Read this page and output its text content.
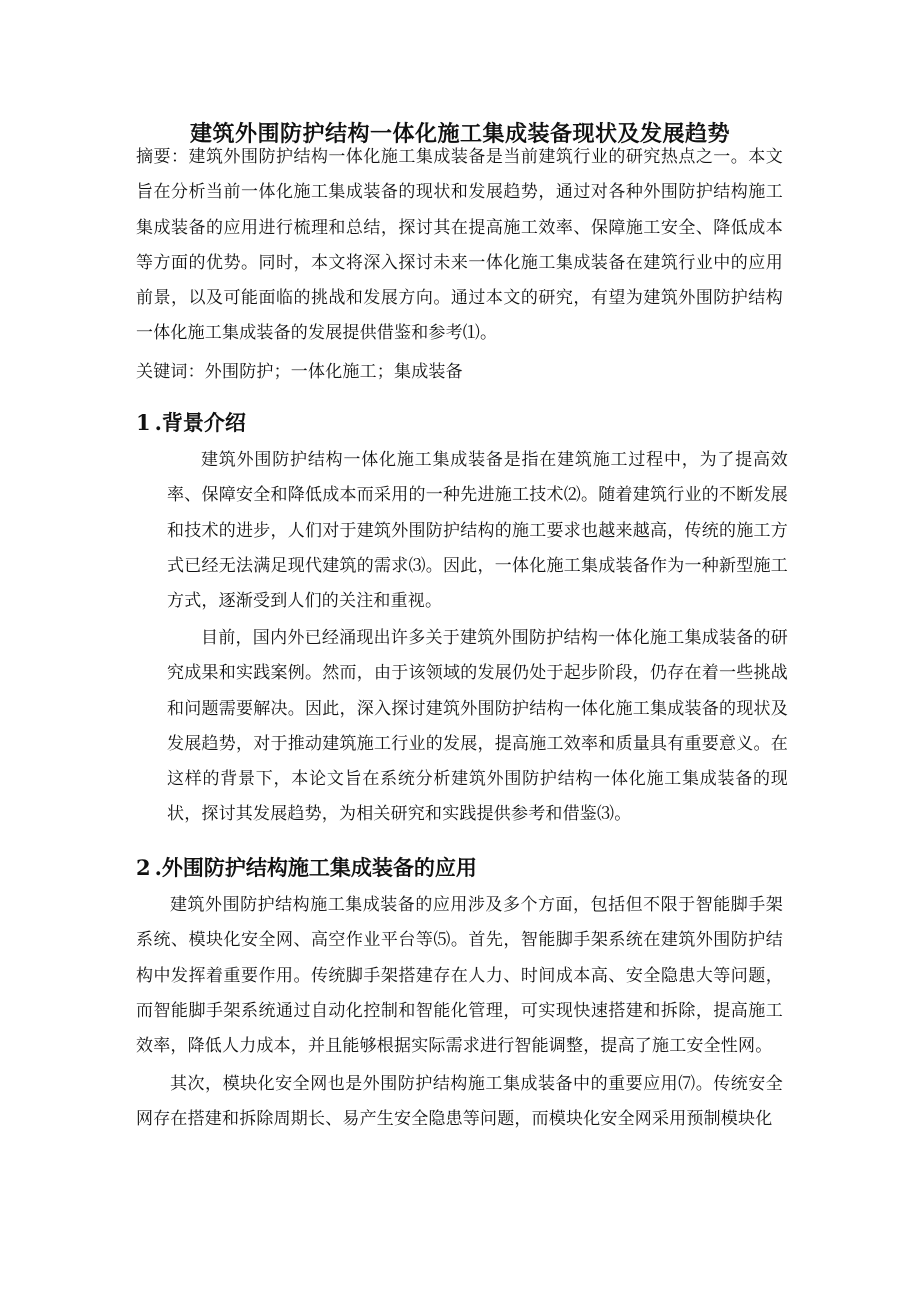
建筑外围防护结构一体化施工集成装备现状及发展趋势

摘要：建筑外围防护结构一体化施工集成装备是当前建筑行业的研究热点之一。本文旨在分析当前一体化施工集成装备的现状和发展趋势，通过对各种外围防护结构施工集成装备的应用进行梳理和总结，探讨其在提高施工效率、保障施工安全、降低成本等方面的优势。同时，本文将深入探讨未来一体化施工集成装备在建筑行业中的应用前景，以及可能面临的挑战和发展方向。通过本文的研究，有望为建筑外围防护结构一体化施工集成装备的发展提供借鉴和参考⑴。

关键词：外围防护；一体化施工；集成装备

1 .背景介绍

建筑外围防护结构一体化施工集成装备是指在建筑施工过程中，为了提高效率、保障安全和降低成本而采用的一种先进施工技术⑵。随着建筑行业的不断发展和技术的进步，人们对于建筑外围防护结构的施工要求也越来越高，传统的施工方式已经无法满足现代建筑的需求⑶。因此，一体化施工集成装备作为一种新型施工方式，逐渐受到人们的关注和重视。

目前，国内外已经涌现出许多关于建筑外围防护结构一体化施工集成装备的研究成果和实践案例。然而，由于该领域的发展仍处于起步阶段，仍存在着一些挑战和问题需要解决。因此，深入探讨建筑外围防护结构一体化施工集成装备的现状及发展趋势，对于推动建筑施工行业的发展，提高施工效率和质量具有重要意义。在这样的背景下，本论文旨在系统分析建筑外围防护结构一体化施工集成装备的现状，探讨其发展趋势，为相关研究和实践提供参考和借鉴⑶。

2 .外围防护结构施工集成装备的应用

建筑外围防护结构施工集成装备的应用涉及多个方面，包括但不限于智能脚手架系统、模块化安全网、高空作业平台等⑸。首先，智能脚手架系统在建筑外围防护结构中发挥着重要作用。传统脚手架搭建存在人力、时间成本高、安全隐患大等问题，而智能脚手架系统通过自动化控制和智能化管理，可实现快速搭建和拆除，提高施工效率，降低人力成本，并且能够根据实际需求进行智能调整，提高了施工安全性网。

其次，模块化安全网也是外围防护结构施工集成装备中的重要应用⑺。传统安全网存在搭建和拆除周期长、易产生安全隐患等问题，而模块化安全网采用预制模块化
